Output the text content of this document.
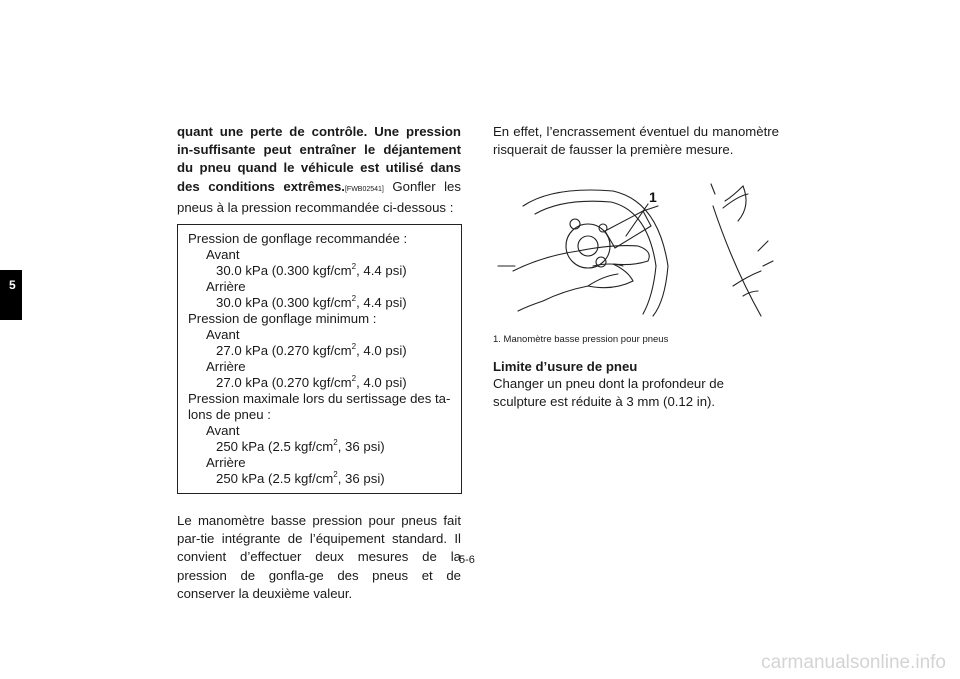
5

quant une perte de contrôle. Une pression in-suffisante peut entraîner le déjantement du pneu quand le véhicule est utilisé dans des conditions extrêmes.[FWB02541] Gonfler les pneus à la pression recommandée ci-dessous :

Pression de gonflage recommandée :
Avant
30.0 kPa (0.300 kgf/$cm^2$, 4.4 psi)
Arrière
30.0 kPa (0.300 kgf/$cm^2$, 4.4 psi)
Pression de gonflage minimum :
Avant
27.0 kPa (0.270 kgf/$cm^2$, 4.0 psi)
Arrière
27.0 kPa (0.270 kgf/$cm^2$, 4.0 psi)
Pression maximale lors du sertissage des ta-
lons de pneu :
Avant
250 kPa (2.5 kgf/$cm^2$, 36 psi)
Arrière
250 kPa (2.5 kgf/$cm^2$, 36 psi)

Le manomètre basse pression pour pneus fait par-tie intégrante de l’équipement standard. Il convient d’effectuer deux mesures de la pression de gonfla-ge des pneus et de conserver la deuxième valeur.

En effet, l’encrassement éventuel du manomètre risquerait de fausser la première mesure.

1
1. Manomètre basse pression pour pneus
Limite d’usure de pneu

Changer un pneu dont la profondeur de sculpture est réduite à 3 mm (0.12 in).

5-6
carmanualsonline.info
